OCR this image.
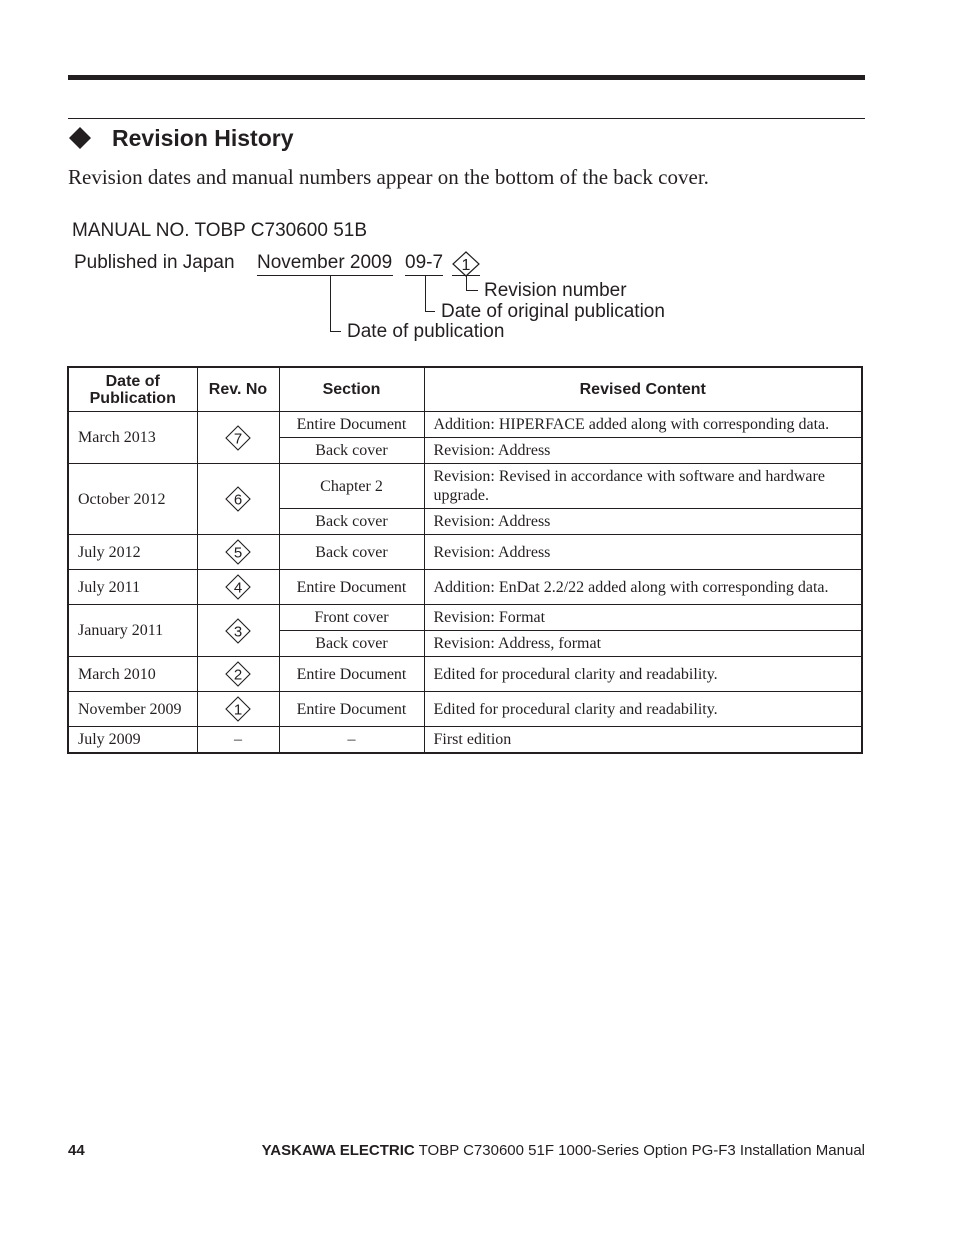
Revision History
Revision dates and manual numbers appear on the bottom of the back cover.
MANUAL NO. TOBP C730600 51B
Published in Japan November 2009 09-7 1
Revision number
Date of original publication
Date of publication
Date of
Publication	Rev. No	Section	Revised Content
March 2013	7	Entire Document	Addition: HIPERFACE added along with corresponding data.
		Back cover	Revision: Address
October 2012	6	Chapter 2	Revision: Revised in accordance with software and hardware upgrade.
		Back cover	Revision: Address
July 2012	5	Back cover	Revision: Address
July 2011	4	Entire Document	Addition: EnDat 2.2/22 added along with corresponding data.
January 2011	3	Front cover	Revision: Format
		Back cover	Revision: Address, format
March 2010	2	Entire Document	Edited for procedural clarity and readability.
November 2009	1	Entire Document	Edited for procedural clarity and readability.
July 2009	–	–	First edition
44	YASKAWA ELECTRIC TOBP C730600 51F 1000-Series Option PG-F3 Installation Manual
